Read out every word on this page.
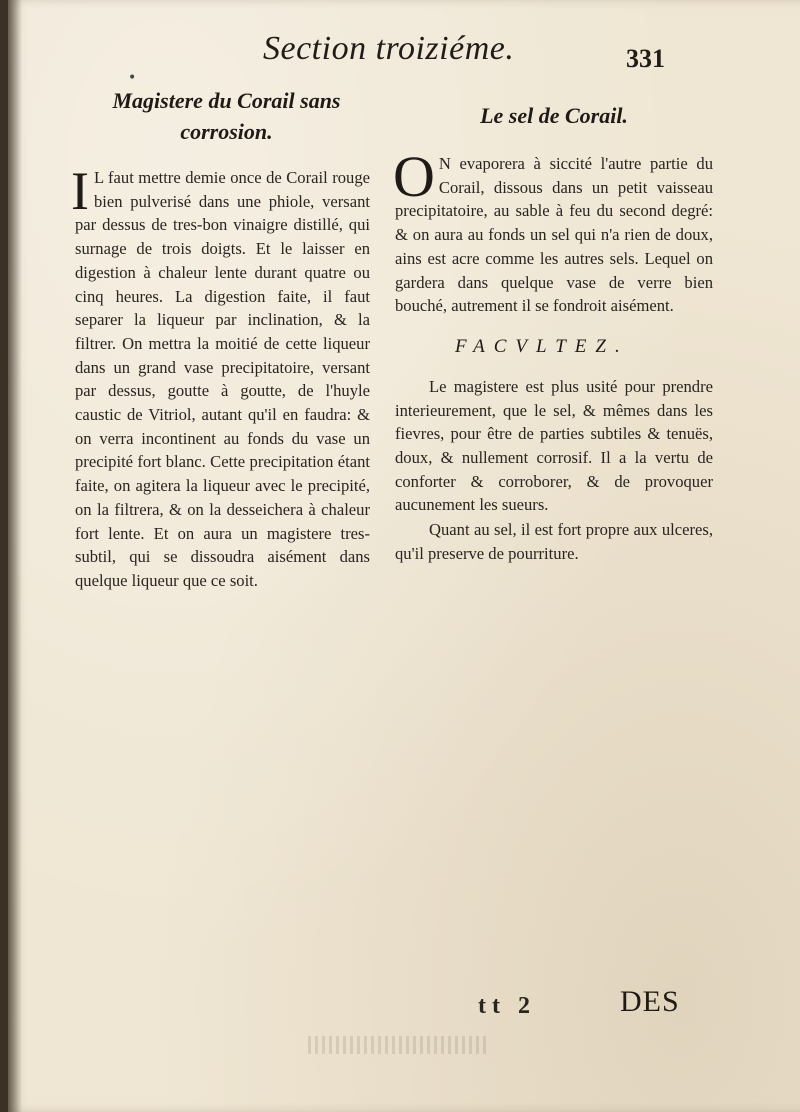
•
Section troiziéme.	331
Magistere du Corail sans corrosion.

I L faut mettre demie once de Corail rouge bien pulverisé dans une phiole, versant par dessus de tres-bon vinaigre distillé, qui surnage de trois doigts. Et le laisser en digestion à chaleur lente durant quatre ou cinq heures. La digestion faite, il faut separer la liqueur par inclination, & la filtrer. On mettra la moitié de cette liqueur dans un grand vase precipitatoire, versant par dessus, goutte à goutte, de l'huyle caustic de Vitriol, autant qu'il en faudra: & on verra incontinent au fonds du vase un precipité fort blanc. Cette precipitation étant faite, on agitera la liqueur avec le precipité, on la filtrera, & on la desseichera à chaleur fort lente. Et on aura un magistere tres-subtil, qui se dissoudra aisément dans quelque liqueur que ce soit.

Le sel de Corail.

O N evaporera à siccité l'autre partie du Corail, dissous dans un petit vaisseau precipitatoire, au sable à feu du second degré: & on aura au fonds un sel qui n'a rien de doux, ains est acre comme les autres sels. Lequel on gardera dans quelque vase de verre bien bouché, autrement il se fondroit aisément.

FACVLTEZ.

Le magistere est plus usité pour prendre interieurement, que le sel, & mêmes dans les fievres, pour être de parties subtiles & tenuës, doux, & nullement corrosif. Il a la vertu de conforter & corroborer, & de provoquer aucunement les sueurs.

Quant au sel, il est fort propre aux ulceres, qu'il preserve de pourriture.

tt 2	DES
